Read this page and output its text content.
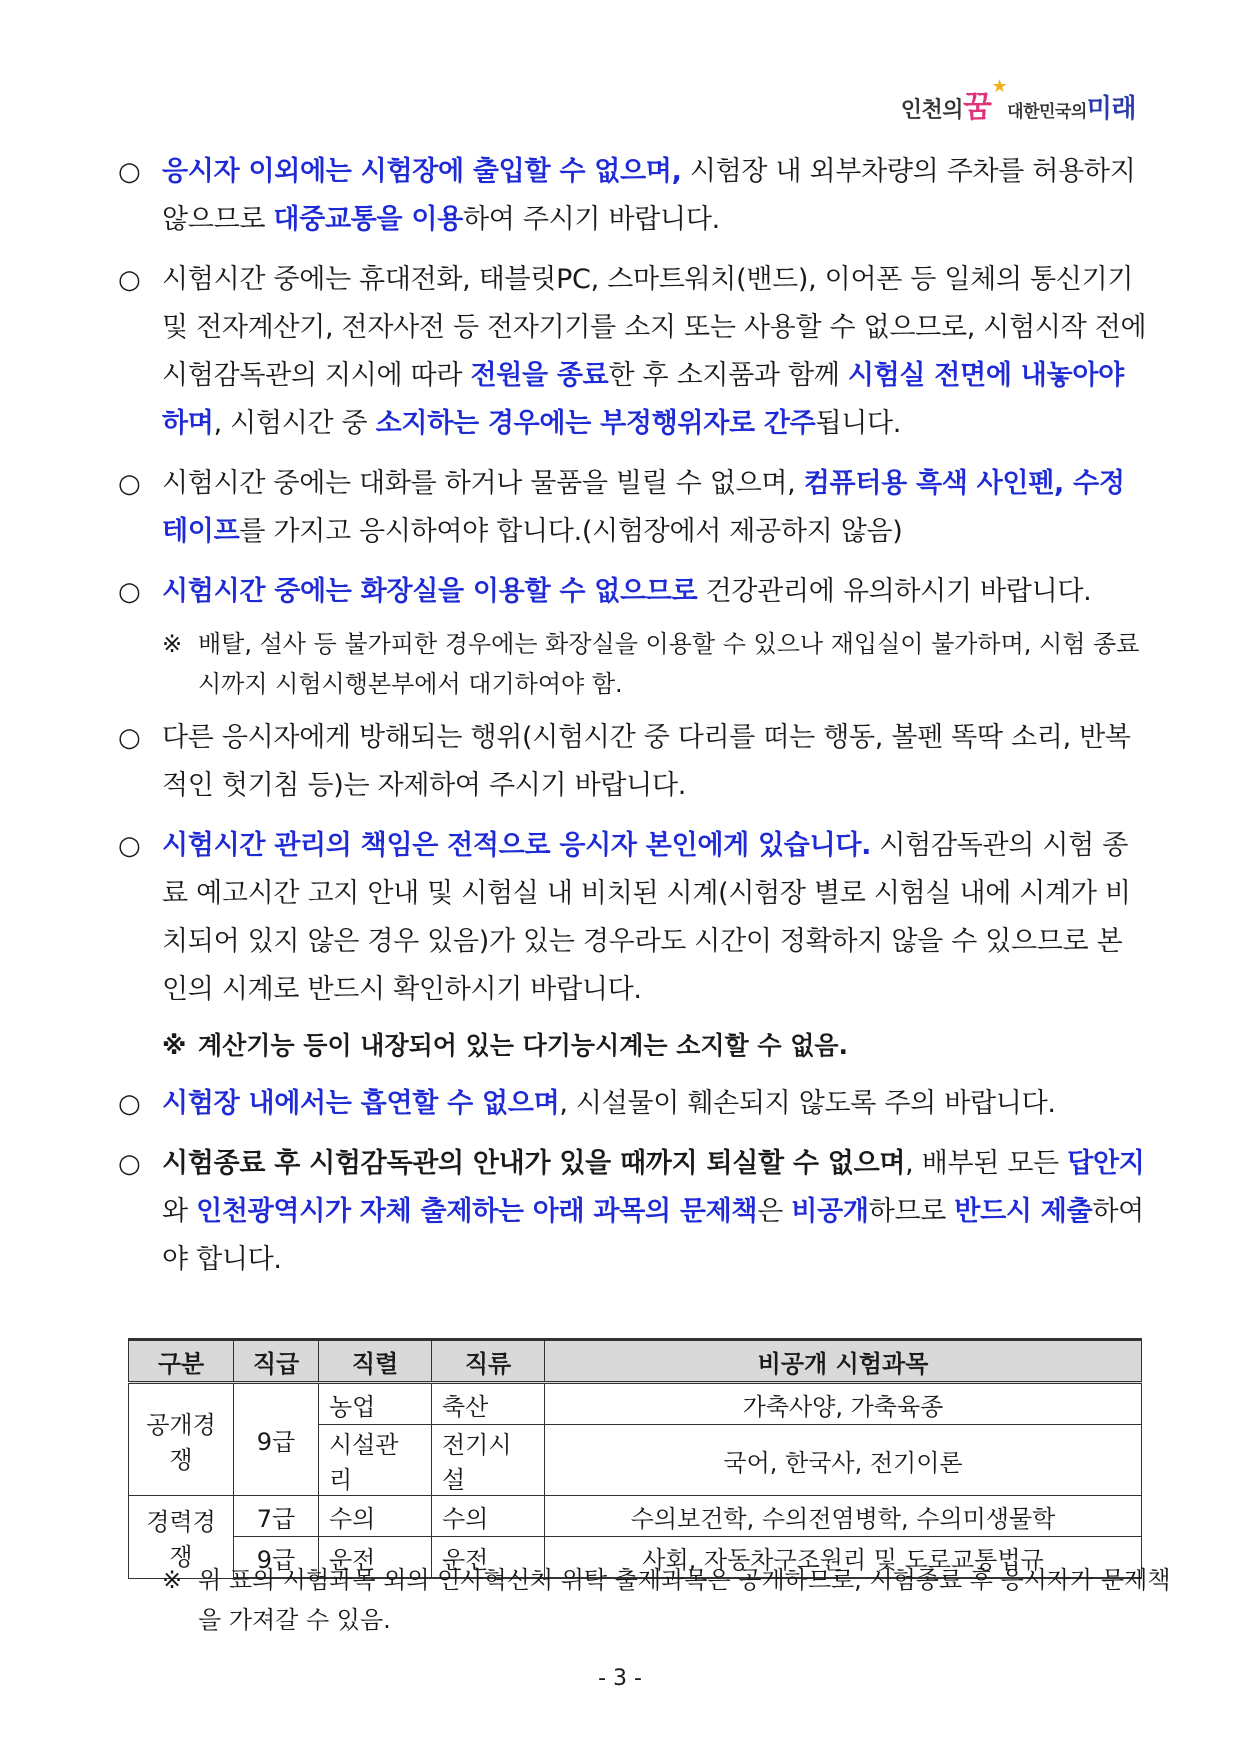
인천의꿈★대한민국의미래
○ 응시자 이외에는 시험장에 출입할 수 없으며, 시험장 내 외부차량의 주차를 허용하지 않으므로 대중교통을 이용하여 주시기 바랍니다.
○ 시험시간 중에는 휴대전화, 태블릿PC, 스마트워치(밴드), 이어폰 등 일체의 통신기기 및 전자계산기, 전자사전 등 전자기기를 소지 또는 사용할 수 없으므로, 시험시작 전에 시험감독관의 지시에 따라 전원을 종료한 후 소지품과 함께 시험실 전면에 내놓아야 하며, 시험시간 중 소지하는 경우에는 부정행위자로 간주됩니다.
○ 시험시간 중에는 대화를 하거나 물품을 빌릴 수 없으며, 컴퓨터용 흑색 사인펜, 수정 테이프를 가지고 응시하여야 합니다.(시험장에서 제공하지 않음)
○ 시험시간 중에는 화장실을 이용할 수 없으므로 건강관리에 유의하시기 바랍니다.
※ 배탈, 설사 등 불가피한 경우에는 화장실을 이용할 수 있으나 재입실이 불가하며, 시험 종료 시까지 시험시행본부에서 대기하여야 함.
○ 다른 응시자에게 방해되는 행위(시험시간 중 다리를 떠는 행동, 볼펜 똑딱 소리, 반복적인 헛기침 등)는 자제하여 주시기 바랍니다.
○ 시험시간 관리의 책임은 전적으로 응시자 본인에게 있습니다. 시험감독관의 시험 종료 예고시간 고지 안내 및 시험실 내 비치된 시계(시험장 별로 시험실 내에 시계가 비치되어 있지 않은 경우 있음)가 있는 경우라도 시간이 정확하지 않을 수 있으므로 본인의 시계로 반드시 확인하시기 바랍니다.
※ 계산기능 등이 내장되어 있는 다기능시계는 소지할 수 없음.
○ 시험장 내에서는 흡연할 수 없으며, 시설물이 훼손되지 않도록 주의 바랍니다.
○ 시험종료 후 시험감독관의 안내가 있을 때까지 퇴실할 수 없으며, 배부된 모든 답안지와 인천광역시가 자체 출제하는 아래 과목의 문제책은 비공개하므로 반드시 제출하여야 합니다.
구분	직급	직렬	직류	비공개 시험과목
공개경쟁	9급	농업	축산	가축사양, 가축육종
		시설관리	전기시설	국어, 한국사, 전기이론
경력경쟁	7급	수의	수의	수의보건학, 수의전염병학, 수의미생물학
	9급	운전	운전	사회, 자동차구조원리 및 도로교통법규
※ 위 표의 시험과목 외의 인사혁신처 위탁 출제과목은 공개하므로, 시험종료 후 응시자가 문제책을 가져갈 수 있음.
- 3 -
